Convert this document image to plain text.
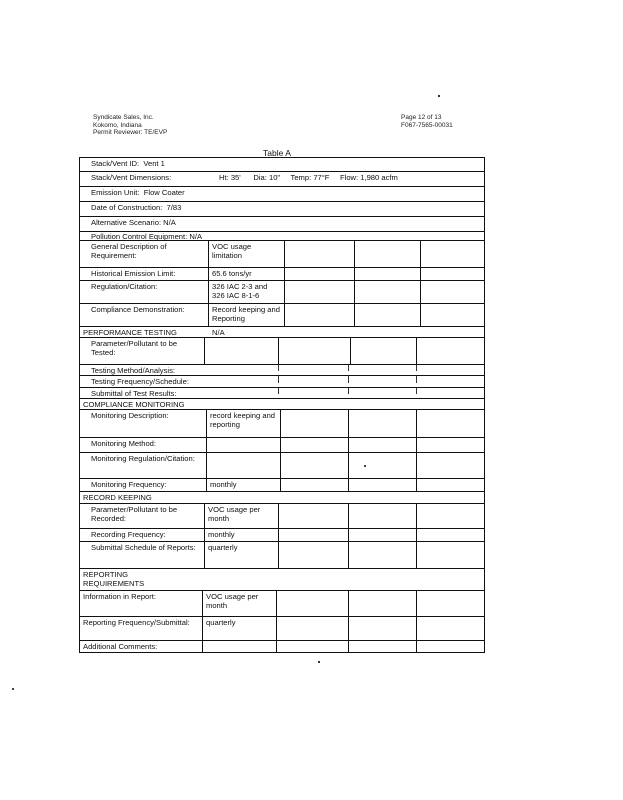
Syndicate Sales, Inc.
Kokomo, Indiana
Permit Reviewer: TE/EVP
Page 12 of 13
F067-7565-00031
Table A
Stack/Vent ID:  Vent 1
Stack/Vent Dimensions:	Ht: 35'      Dia: 10"     Temp: 77°F     Flow: 1,980 acfm
Emission Unit:  Flow Coater
Date of Construction:  7/83
Alternative Scenario: N/A
Pollution Control Equipment: N/A
General Description of Requirement:
VOC usage limitation
Historical Emission Limit:	65.6 tons/yr
Regulation/Citation:	326 IAC 2-3 and 326 IAC 8-1-6
Compliance Demonstration:	Record keeping and Reporting
PERFORMANCE TESTING	N/A
Parameter/Pollutant to be Tested:
Testing Method/Analysis:
Testing Frequency/Schedule:
Submittal of Test Results:
COMPLIANCE MONITORING
Monitoring Description:	record keeping and reporting
Monitoring Method:
Monitoring Regulation/Citation:
Monitoring Frequency:	monthly
RECORD KEEPING
Parameter/Pollutant to be Recorded:
VOC usage per month
Recording Frequency:	monthly
Submittal Schedule of Reports:	quarterly
REPORTING REQUIREMENTS
Information in Report:	VOC usage per month
Reporting Frequency/Submittal:	quarterly
Additional Comments:
